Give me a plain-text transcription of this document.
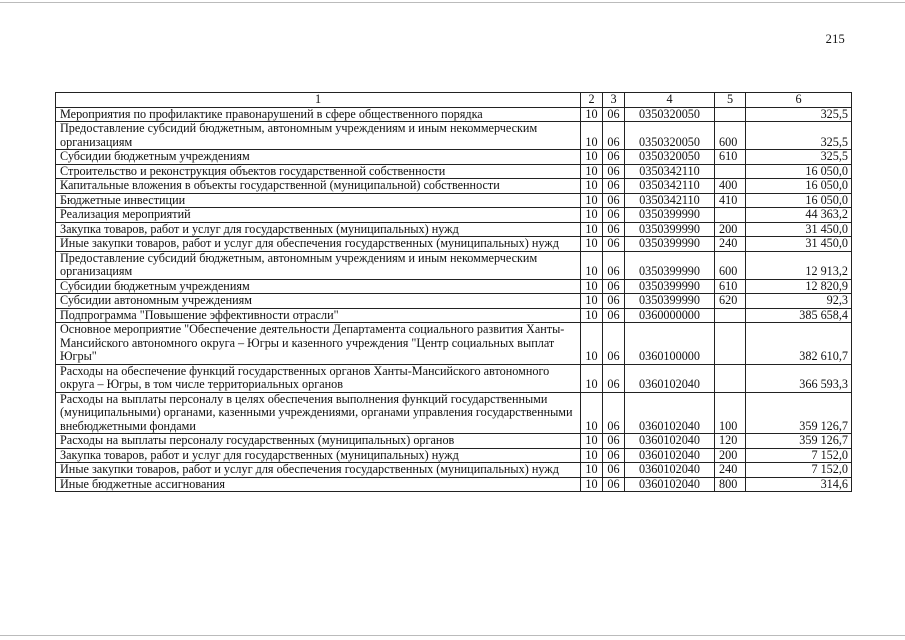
215
1	2	3	4	5	6
Мероприятия по профилактике правонарушений в сфере общественного порядка	10	06	0350320050		325,5
Предоставление субсидий бюджетным, автономным учреждениям и иным некоммерческим организациям	10	06	0350320050	600	325,5
Субсидии бюджетным учреждениям	10	06	0350320050	610	325,5
Строительство и реконструкция объектов государственной собственности	10	06	0350342110		16 050,0
Капитальные вложения в объекты государственной (муниципальной) собственности	10	06	0350342110	400	16 050,0
Бюджетные инвестиции	10	06	0350342110	410	16 050,0
Реализация мероприятий	10	06	0350399990		44 363,2
Закупка товаров, работ и услуг для государственных (муниципальных) нужд	10	06	0350399990	200	31 450,0
Иные закупки товаров, работ и услуг для обеспечения государственных (муниципальных) нужд	10	06	0350399990	240	31 450,0
Предоставление субсидий бюджетным, автономным учреждениям и иным некоммерческим организациям	10	06	0350399990	600	12 913,2
Субсидии бюджетным учреждениям	10	06	0350399990	610	12 820,9
Субсидии автономным учреждениям	10	06	0350399990	620	92,3
Подпрограмма "Повышение эффективности отрасли"	10	06	0360000000		385 658,4
Основное мероприятие "Обеспечение деятельности Департамента социального развития Ханты-Мансийского автономного округа – Югры и казенного учреждения "Центр социальных выплат Югры"	10	06	0360100000		382 610,7
Расходы на обеспечение функций государственных органов Ханты-Мансийского автономного округа – Югры, в том числе территориальных органов	10	06	0360102040		366 593,3
Расходы на выплаты персоналу в целях обеспечения выполнения функций государственными (муниципальными) органами, казенными учреждениями, органами управления государственными внебюджетными фондами	10	06	0360102040	100	359 126,7
Расходы на выплаты персоналу государственных (муниципальных) органов	10	06	0360102040	120	359 126,7
Закупка товаров, работ и услуг для государственных (муниципальных) нужд	10	06	0360102040	200	7 152,0
Иные закупки товаров, работ и услуг для обеспечения государственных (муниципальных) нужд	10	06	0360102040	240	7 152,0
Иные бюджетные ассигнования	10	06	0360102040	800	314,6
